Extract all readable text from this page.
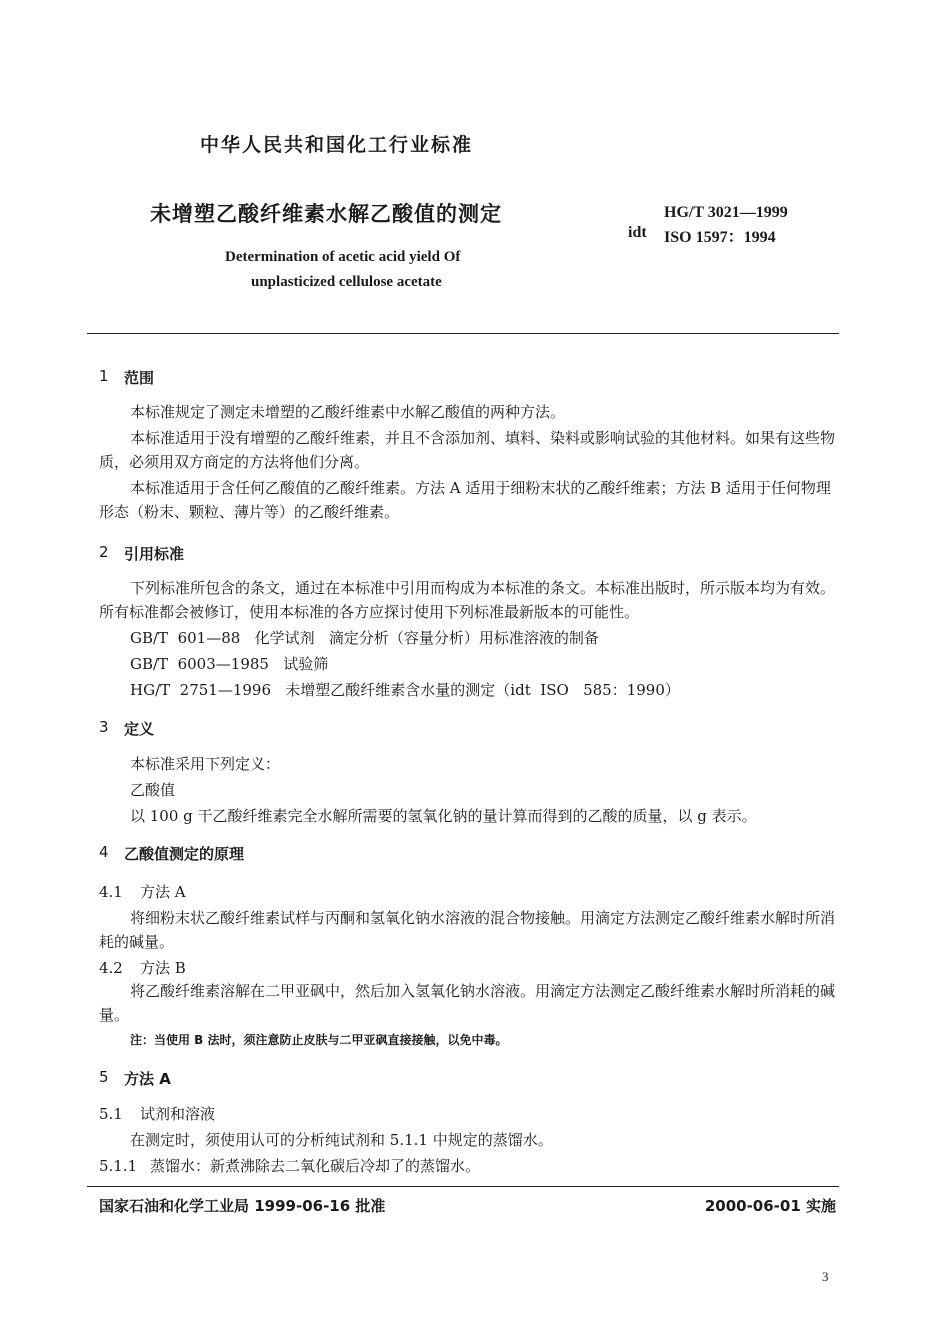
中华人民共和国化工行业标准
未增塑乙酸纤维素水解乙酸值的测定	HG/T 3021—1999
idt ISO 1597：1994
Determination of acetic acid yield Of
unplasticized cellulose acetate
1 范围
本标准规定了测定未增塑的乙酸纤维素中水解乙酸值的两种方法。
本标准适用于没有增塑的乙酸纤维素，并且不含添加剂、填料、染料或影响试验的其他材料。如果有这些物质，必须用双方商定的方法将他们分离。
本标准适用于含任何乙酸值的乙酸纤维素。方法 A 适用于细粉末状的乙酸纤维素；方法 B 适用于任何物理形态（粉末、颗粒、薄片等）的乙酸纤维素。
2 引用标准
下列标准所包含的条文，通过在本标准中引用而构成为本标准的条文。本标准出版时，所示版本均为有效。所有标准都会被修订，使用本标准的各方应探讨使用下列标准最新版本的可能性。
GB/T  601—88   化学试剂   滴定分析（容量分析）用标准溶液的制备
GB/T  6003—1985   试验筛
HG/T  2751—1996   未增塑乙酸纤维素含水量的测定（idt  ISO   585：1990）
3 定义
本标准采用下列定义：
乙酸值
以 100 g 干乙酸纤维素完全水解所需要的氢氧化钠的量计算而得到的乙酸的质量，以 g 表示。
4 乙酸值测定的原理
4.1 方法 A
将细粉末状乙酸纤维素试样与丙酮和氢氧化钠水溶液的混合物接触。用滴定方法测定乙酸纤维素水解时所消耗的碱量。
4.2 方法 B
将乙酸纤维素溶解在二甲亚砜中，然后加入氢氧化钠水溶液。用滴定方法测定乙酸纤维素水解时所消耗的碱量。
注：当使用 B 法时，须注意防止皮肤与二甲亚砜直接接触，以免中毒。
5 方法 A
5.1 试剂和溶液
在测定时，须使用认可的分析纯试剂和 5.1.1 中规定的蒸馏水。
5.1.1 蒸馏水：新煮沸除去二氧化碳后冷却了的蒸馏水。
国家石油和化学工业局 1999-06-16 批准	2000-06-01 实施
3
